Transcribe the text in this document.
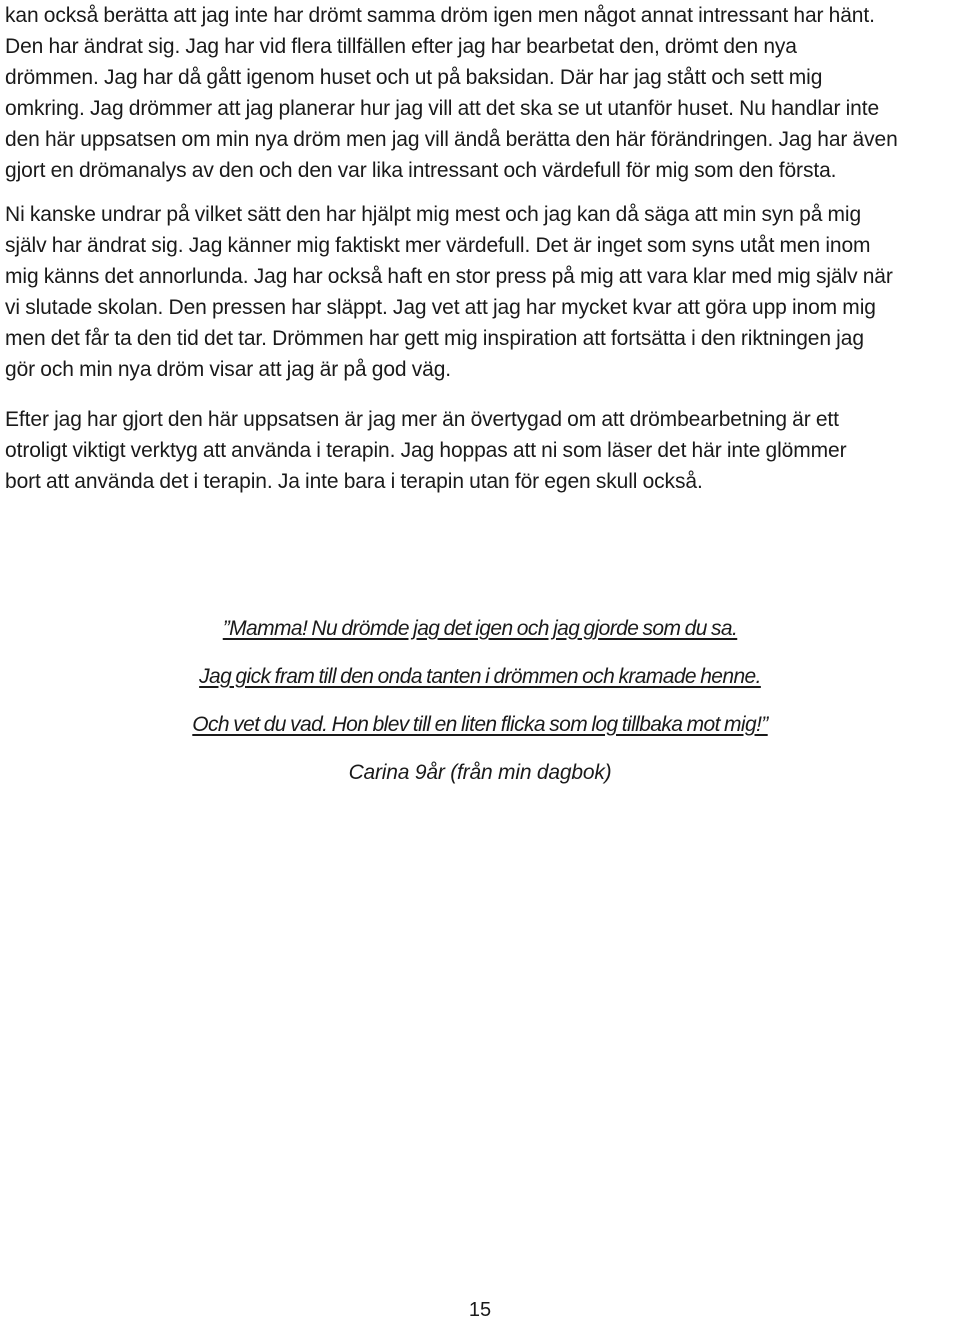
kan också berätta att jag inte har drömt samma dröm igen men något annat intressant har hänt.
Den har ändrat sig. Jag har vid flera tillfällen efter jag har bearbetat den, drömt den nya
drömmen. Jag har då gått igenom huset och ut på baksidan. Där har jag stått och sett mig
omkring. Jag drömmer att jag planerar hur jag vill att det ska se ut utanför huset. Nu handlar inte
den här uppsatsen om min nya dröm men jag vill ändå berätta den här förändringen. Jag har även
gjort en drömanalys av den och den var lika intressant och värdefull för mig som den första.

Ni kanske undrar på vilket sätt den har hjälpt mig mest och jag kan då säga att min syn på mig
själv har ändrat sig. Jag känner mig faktiskt mer värdefull. Det är inget som syns utåt men inom
mig känns det annorlunda. Jag har också haft en stor press på mig att vara klar med mig själv när
vi slutade skolan. Den pressen har släppt. Jag vet att jag har mycket kvar att göra upp inom mig
men det får ta den tid det tar. Drömmen har gett mig inspiration att fortsätta i den riktningen jag
gör och min nya dröm visar att jag är på god väg.

Efter jag har gjort den här uppsatsen är jag mer än övertygad om att drömbearbetning är ett
otroligt viktigt verktyg att använda i terapin. Jag hoppas att ni som läser det här inte glömmer
bort att använda det i terapin. Ja inte bara i terapin utan för egen skull också.

”Mamma! Nu drömde jag det igen och jag gjorde som du sa.
Jag gick fram till den onda tanten i drömmen och kramade henne.
Och vet du vad. Hon blev till en liten flicka som log tillbaka mot mig!”
Carina 9år (från min dagbok)
15
